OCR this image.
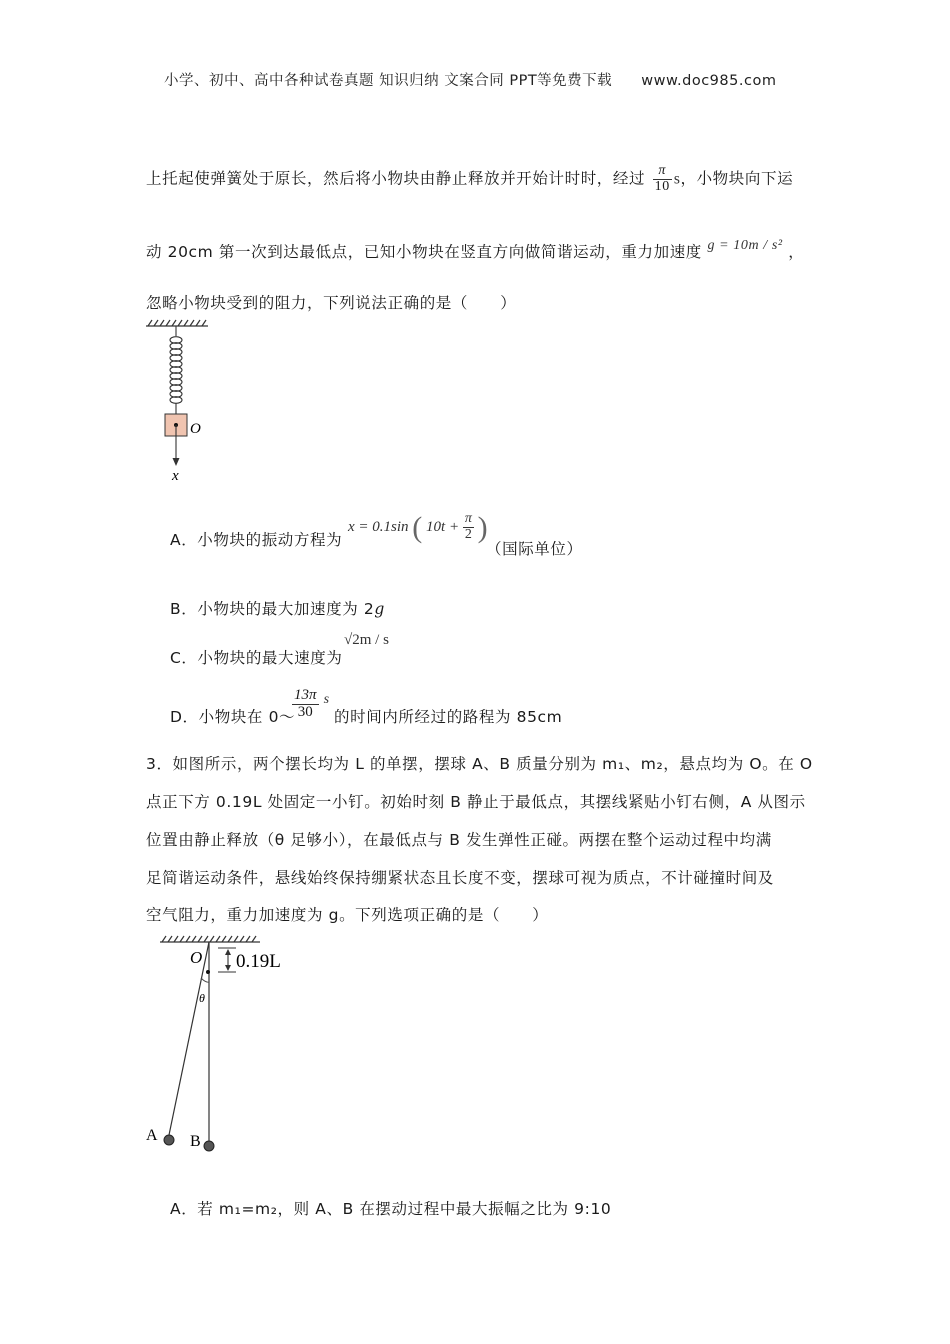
小学、初中、高中各种试卷真题 知识归纳 文案合同 PPT等免费下载 www.doc985.com
上托起使弹簧处于原长，然后将小物块由静止释放并开始计时时，经过 $\frac{\pi}{10}$ s，小物块向下运
动 20cm 第一次到达最低点，已知小物块在竖直方向做简谐运动，重力加速度 g = 10m / s² ，
忽略小物块受到的阻力，下列说法正确的是（　　）
O
x
A．小物块的振动方程为
x = 0.1sin ( $10t + \frac{\pi}{2}$ )
（国际单位）
B．小物块的最大加速度为 2g
C．小物块的最大速度为
√2m / s
D．小物块在 0～
$\frac{13\pi}{30}$ s
的时间内所经过的路程为 85cm
3．如图所示，两个摆长均为 L 的单摆，摆球 A、B 质量分别为 m₁、m₂，悬点均为 O。在 O
点正下方 0.19L 处固定一小钉。初始时刻 B 静止于最低点，其摆线紧贴小钉右侧，A 从图示
位置由静止释放（θ 足够小），在最低点与 B 发生弹性正碰。两摆在整个运动过程中均满
足简谐运动条件，悬线始终保持绷紧状态且长度不变，摆球可视为质点，不计碰撞时间及
空气阻力，重力加速度为 g。下列选项正确的是（　　）
O
θ
0.19L
A B
A．若 m₁=m₂，则 A、B 在摆动过程中最大振幅之比为 9:10
